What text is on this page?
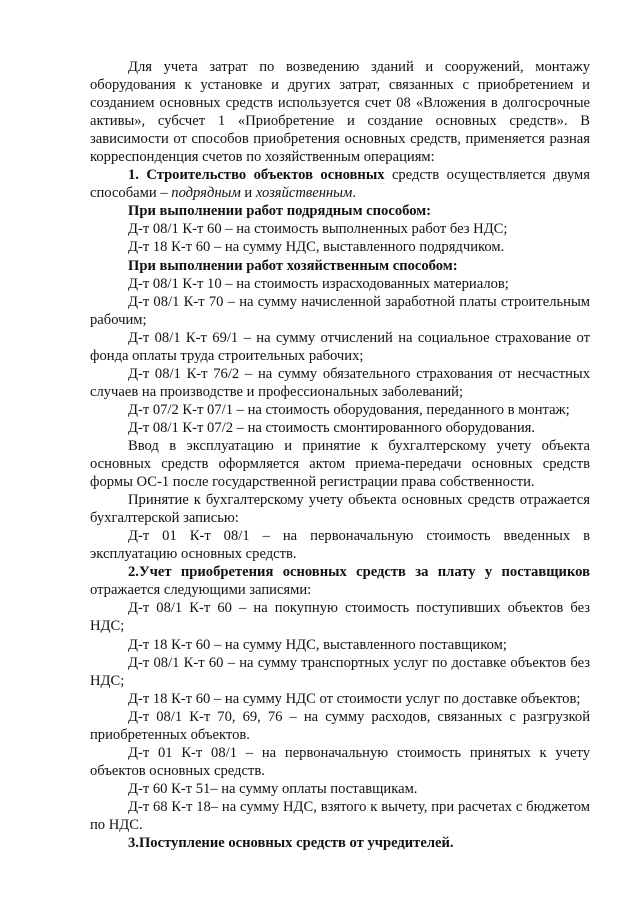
Для учета затрат по возведению зданий и сооружений, монтажу оборудования к установке и других затрат, связанных с приобретением и созданием основных средств используется счет 08 «Вложения в долгосрочные активы», субсчет 1 «Приобретение и создание основных средств». В зависимости от способов приобретения основных средств, применяется разная корреспонденция счетов по хозяйственным операциям:

1. Строительство объектов основных средств осуществляется двумя способами – подрядным и хозяйственным.

При выполнении работ подрядным способом:

Д-т 08/1 К-т 60 – на стоимость выполненных работ без НДС;

Д-т 18 К-т 60 – на сумму НДС, выставленного подрядчиком.

При выполнении работ хозяйственным способом:

Д-т 08/1 К-т 10 – на стоимость израсходованных материалов;

Д-т 08/1 К-т 70 – на сумму начисленной заработной платы строительным рабочим;

Д-т 08/1 К-т 69/1 – на сумму отчислений на социальное страхование от фонда оплаты труда строительных рабочих;

Д-т 08/1 К-т 76/2 – на сумму обязательного страхования от несчастных случаев на производстве и профессиональных заболеваний;

Д-т 07/2 К-т 07/1 – на стоимость оборудования, переданного в монтаж;

Д-т 08/1 К-т 07/2 – на стоимость смонтированного оборудования.

Ввод в эксплуатацию и принятие к бухгалтерскому учету объекта основных средств оформляется актом приема-передачи основных средств формы ОС-1 после государственной регистрации права собственности.

Принятие к бухгалтерскому учету объекта основных средств отражается бухгалтерской записью:

Д-т 01 К-т 08/1 – на первоначальную стоимость введенных в эксплуатацию основных средств.

2.Учет приобретения основных средств за плату у поставщиков отражается следующими записями:

Д-т 08/1 К-т 60 – на покупную стоимость поступивших объектов без НДС;

Д-т 18 К-т 60 – на сумму НДС, выставленного поставщиком;

Д-т 08/1 К-т 60 – на сумму транспортных услуг по доставке объектов без НДС;

Д-т 18 К-т 60 – на сумму НДС от стоимости услуг по доставке объектов;

Д-т 08/1 К-т 70, 69, 76 – на сумму расходов, связанных с разгрузкой приобретенных объектов.

Д-т 01 К-т 08/1 – на первоначальную стоимость принятых к учету объектов основных средств.

Д-т 60 К-т 51– на сумму оплаты поставщикам.

Д-т 68 К-т 18– на сумму НДС, взятого к вычету, при расчетах с бюджетом по НДС.

3.Поступление основных средств от учредителей.
